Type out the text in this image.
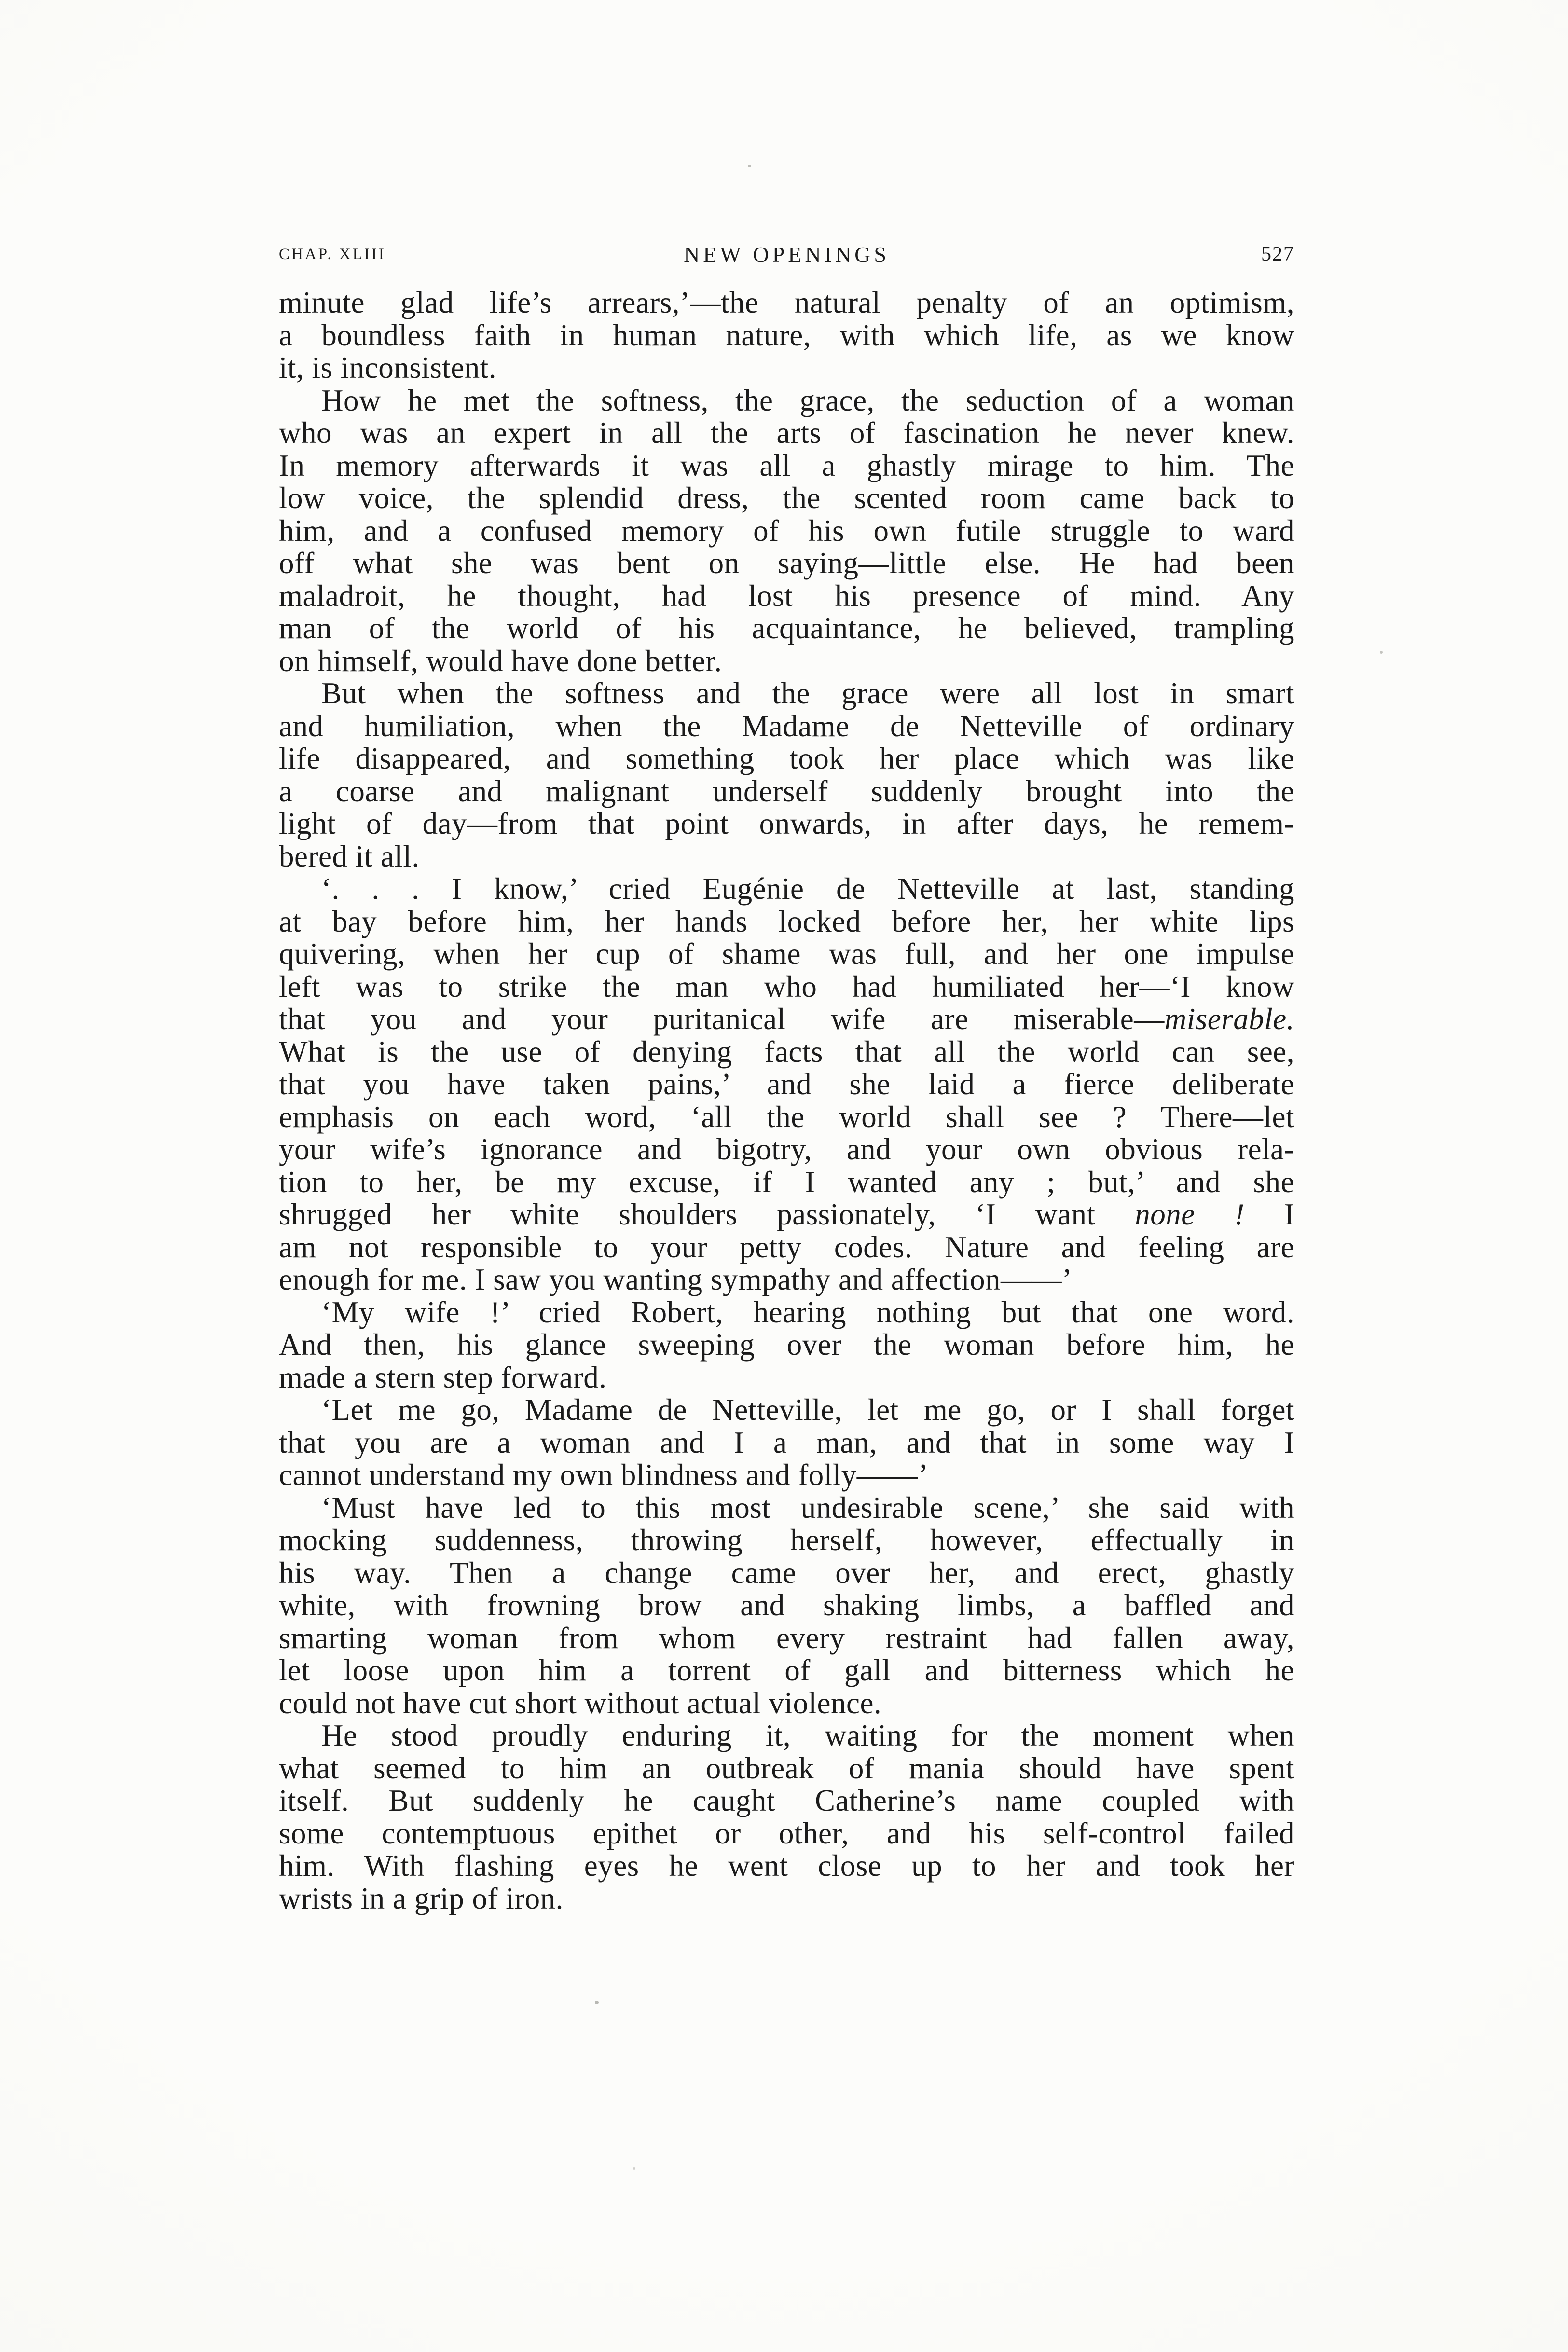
CHAP. XLIII	NEW OPENINGS	527
minute glad life’s arrears,’—the natural penalty of an optimism,
a boundless faith in human nature, with which life, as we know
it, is inconsistent.
How he met the softness, the grace, the seduction of a woman
who was an expert in all the arts of fascination he never knew.
In memory afterwards it was all a ghastly mirage to him. The
low voice, the splendid dress, the scented room came back to
him, and a confused memory of his own futile struggle to ward
off what she was bent on saying—little else. He had been
maladroit, he thought, had lost his presence of mind. Any
man of the world of his acquaintance, he believed, trampling
on himself, would have done better.
But when the softness and the grace were all lost in smart
and humiliation, when the Madame de Netteville of ordinary
life disappeared, and something took her place which was like
a coarse and malignant underself suddenly brought into the
light of day—from that point onwards, in after days, he remem-
bered it all.
‘. . . I know,’ cried Eugénie de Netteville at last, standing
at bay before him, her hands locked before her, her white lips
quivering, when her cup of shame was full, and her one impulse
left was to strike the man who had humiliated her—‘I know
that you and your puritanical wife are miserable—miserable.
What is the use of denying facts that all the world can see,
that you have taken pains,’ and she laid a fierce deliberate
emphasis on each word, ‘all the world shall see ? There—let
your wife’s ignorance and bigotry, and your own obvious rela-
tion to her, be my excuse, if I wanted any ; but,’ and she
shrugged her white shoulders passionately, ‘I want none ! I
am not responsible to your petty codes. Nature and feeling are
enough for me. I saw you wanting sympathy and affection——’
‘My wife !’ cried Robert, hearing nothing but that one word.
And then, his glance sweeping over the woman before him, he
made a stern step forward.
‘Let me go, Madame de Netteville, let me go, or I shall forget
that you are a woman and I a man, and that in some way I
cannot understand my own blindness and folly——’
‘Must have led to this most undesirable scene,’ she said with
mocking suddenness, throwing herself, however, effectually in
his way. Then a change came over her, and erect, ghastly
white, with frowning brow and shaking limbs, a baffled and
smarting woman from whom every restraint had fallen away,
let loose upon him a torrent of gall and bitterness which he
could not have cut short without actual violence.
He stood proudly enduring it, waiting for the moment when
what seemed to him an outbreak of mania should have spent
itself. But suddenly he caught Catherine’s name coupled with
some contemptuous epithet or other, and his self-control failed
him. With flashing eyes he went close up to her and took her
wrists in a grip of iron.
